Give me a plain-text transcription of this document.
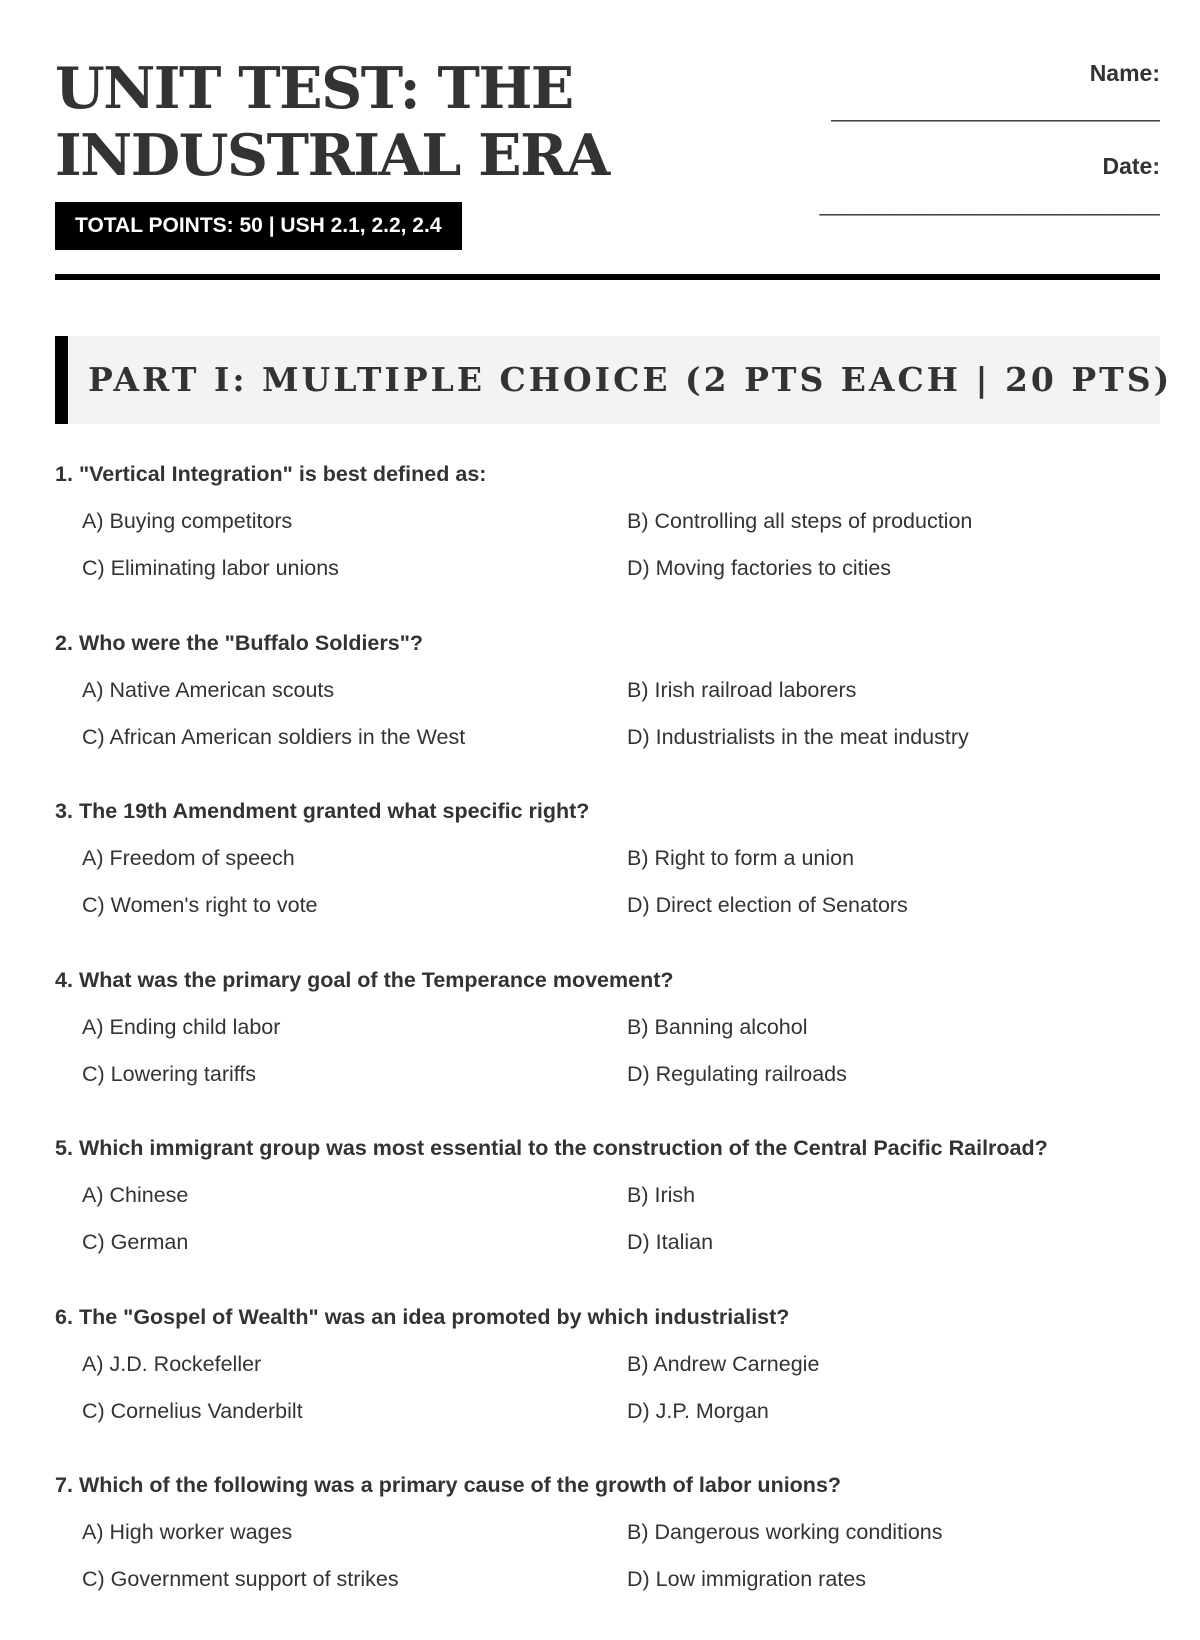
UNIT TEST: THE INDUSTRIAL ERA
TOTAL POINTS: 50 | USH 2.1, 2.2, 2.4
Name:
____________________________
Date:
_____________________________
PART I: MULTIPLE CHOICE (2 PTS EACH | 20 PTS)
1. "Vertical Integration" is best defined as:
A) Buying competitors	B) Controlling all steps of production
C) Eliminating labor unions	D) Moving factories to cities
2. Who were the "Buffalo Soldiers"?
A) Native American scouts	B) Irish railroad laborers
C) African American soldiers in the West	D) Industrialists in the meat industry
3. The 19th Amendment granted what specific right?
A) Freedom of speech	B) Right to form a union
C) Women's right to vote	D) Direct election of Senators
4. What was the primary goal of the Temperance movement?
A) Ending child labor	B) Banning alcohol
C) Lowering tariffs	D) Regulating railroads
5. Which immigrant group was most essential to the construction of the Central Pacific Railroad?
A) Chinese	B) Irish
C) German	D) Italian
6. The "Gospel of Wealth" was an idea promoted by which industrialist?
A) J.D. Rockefeller	B) Andrew Carnegie
C) Cornelius Vanderbilt	D) J.P. Morgan
7. Which of the following was a primary cause of the growth of labor unions?
A) High worker wages	B) Dangerous working conditions
C) Government support of strikes	D) Low immigration rates
